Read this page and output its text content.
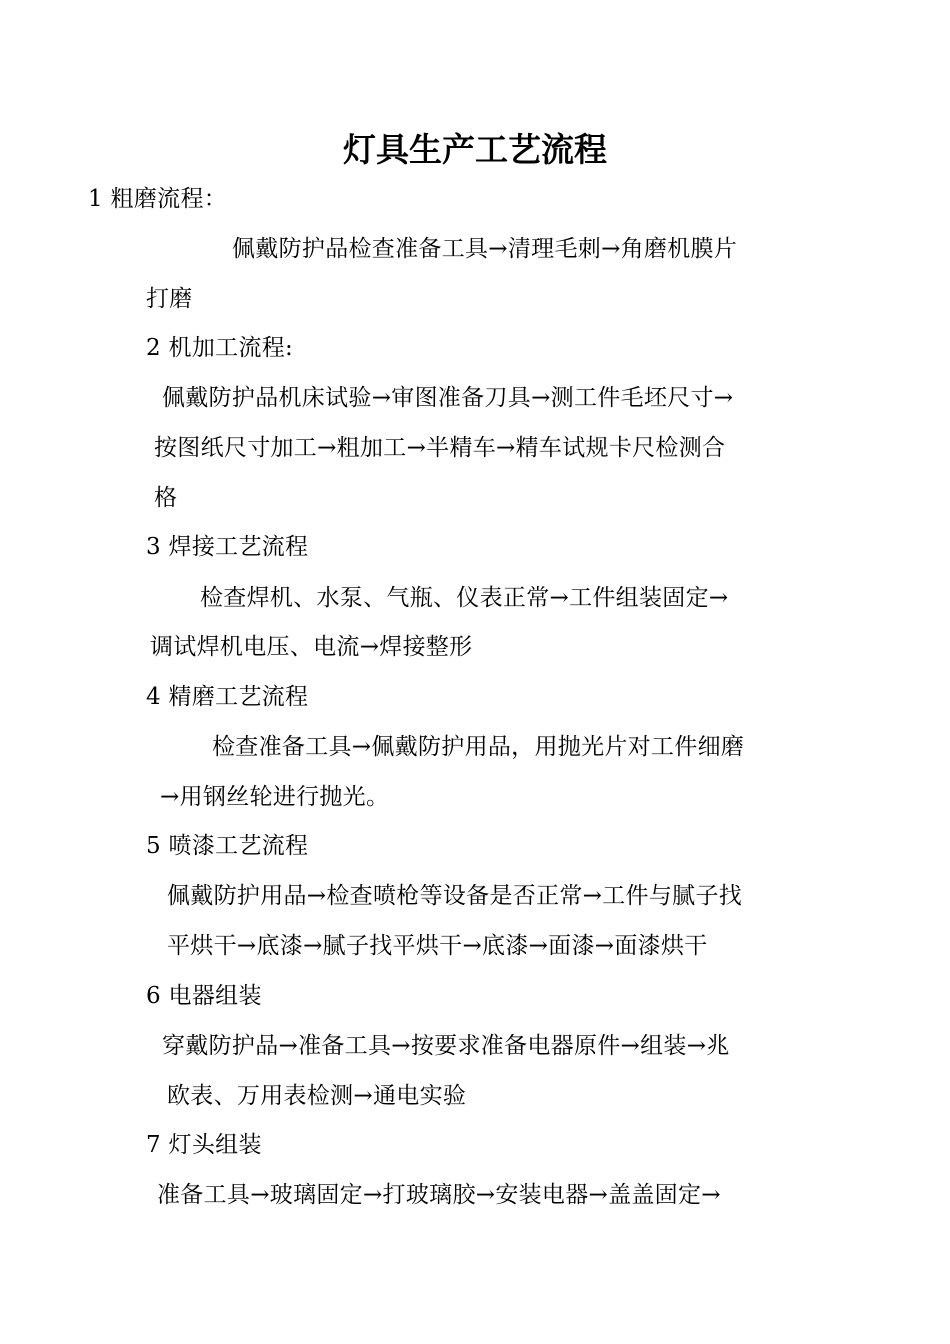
灯具生产工艺流程
1 粗磨流程：
佩戴防护品检查准备工具→清理毛刺→角磨机膜片
打磨
2 机加工流程:
佩戴防护品机床试验→审图准备刀具→测工件毛坯尺寸→
按图纸尺寸加工→粗加工→半精车→精车试规卡尺检测合
格
3 焊接工艺流程
检查焊机、水泵、气瓶、仪表正常→工件组装固定→
调试焊机电压、电流→焊接整形
4 精磨工艺流程
检查准备工具→佩戴防护用品，用抛光片对工件细磨
→用钢丝轮进行抛光。
5 喷漆工艺流程
佩戴防护用品→检查喷枪等设备是否正常→工件与腻子找
平烘干→底漆→腻子找平烘干→底漆→面漆→面漆烘干
6 电器组装
穿戴防护品→准备工具→按要求准备电器原件→组装→兆
欧表、万用表检测→通电实验
7 灯头组装
准备工具→玻璃固定→打玻璃胶→安装电器→盖盖固定→
